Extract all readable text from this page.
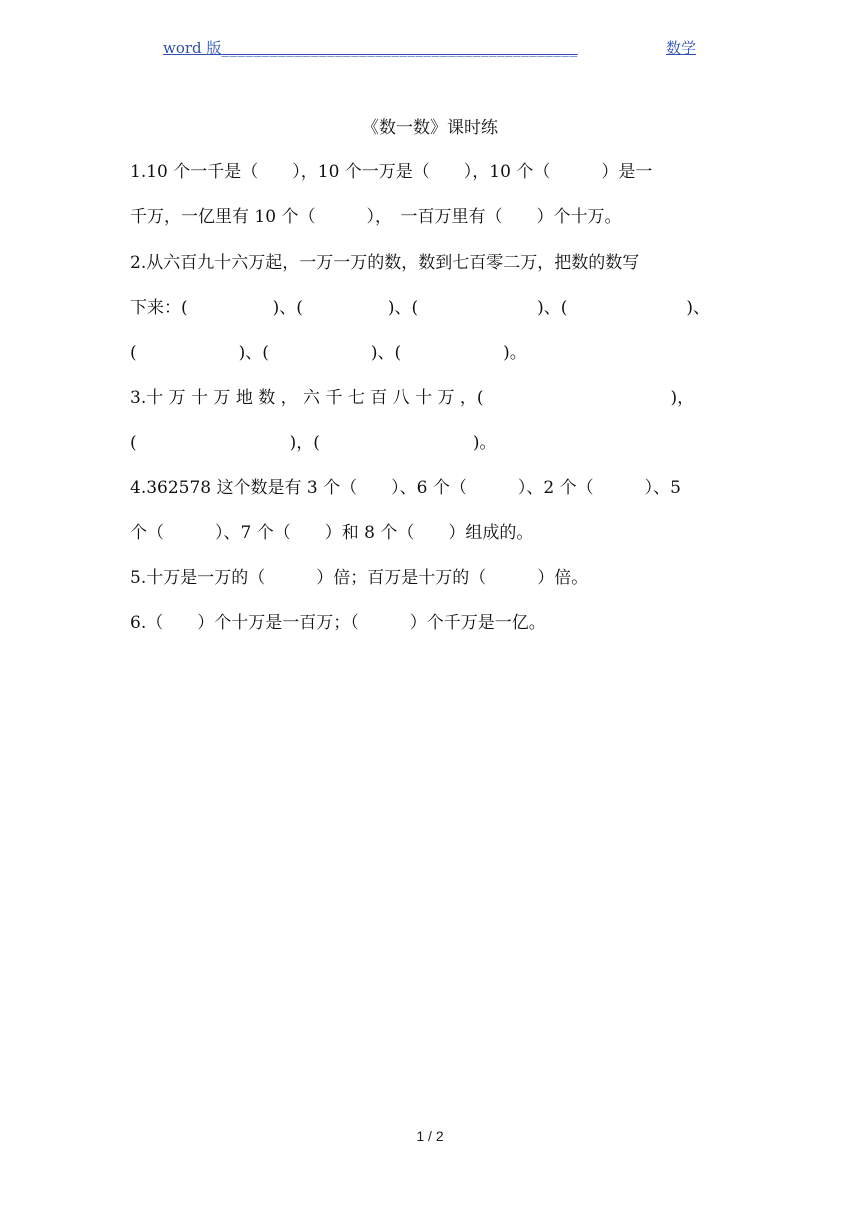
word 版____________________________________________	数学
《数一数》课时练
1.10 个一千是（　　），10 个一万是（　　），10 个（　　　）是一
千万，一亿里有 10 个（　　　），　一百万里有（　　）个十万。
2.从六百九十六万起，一万一万的数，数到七百零二万，把数的数写
下来：(　　　　　)、(　　　　　)、(　　　　　　　)、(　　　　　　　)、
(　　　　　　)、(　　　　　　)、(　　　　　　)。
3.十 万 十 万 地 数 ， 六 千 七 百 八 十 万 ，(　　　　　　　　　　　)，
(　　　　　　　　　)，(　　　　　　　　　)。
4.362578 这个数是有 3 个（　　）、6 个（　　　）、2 个（　　　）、5
个（　　　）、7 个（　　）和 8 个（　　）组成的。
5.十万是一万的（　　　）倍；百万是十万的（　　　）倍。
6.（　　）个十万是一百万；（　　　）个千万是一亿。
1 / 2
